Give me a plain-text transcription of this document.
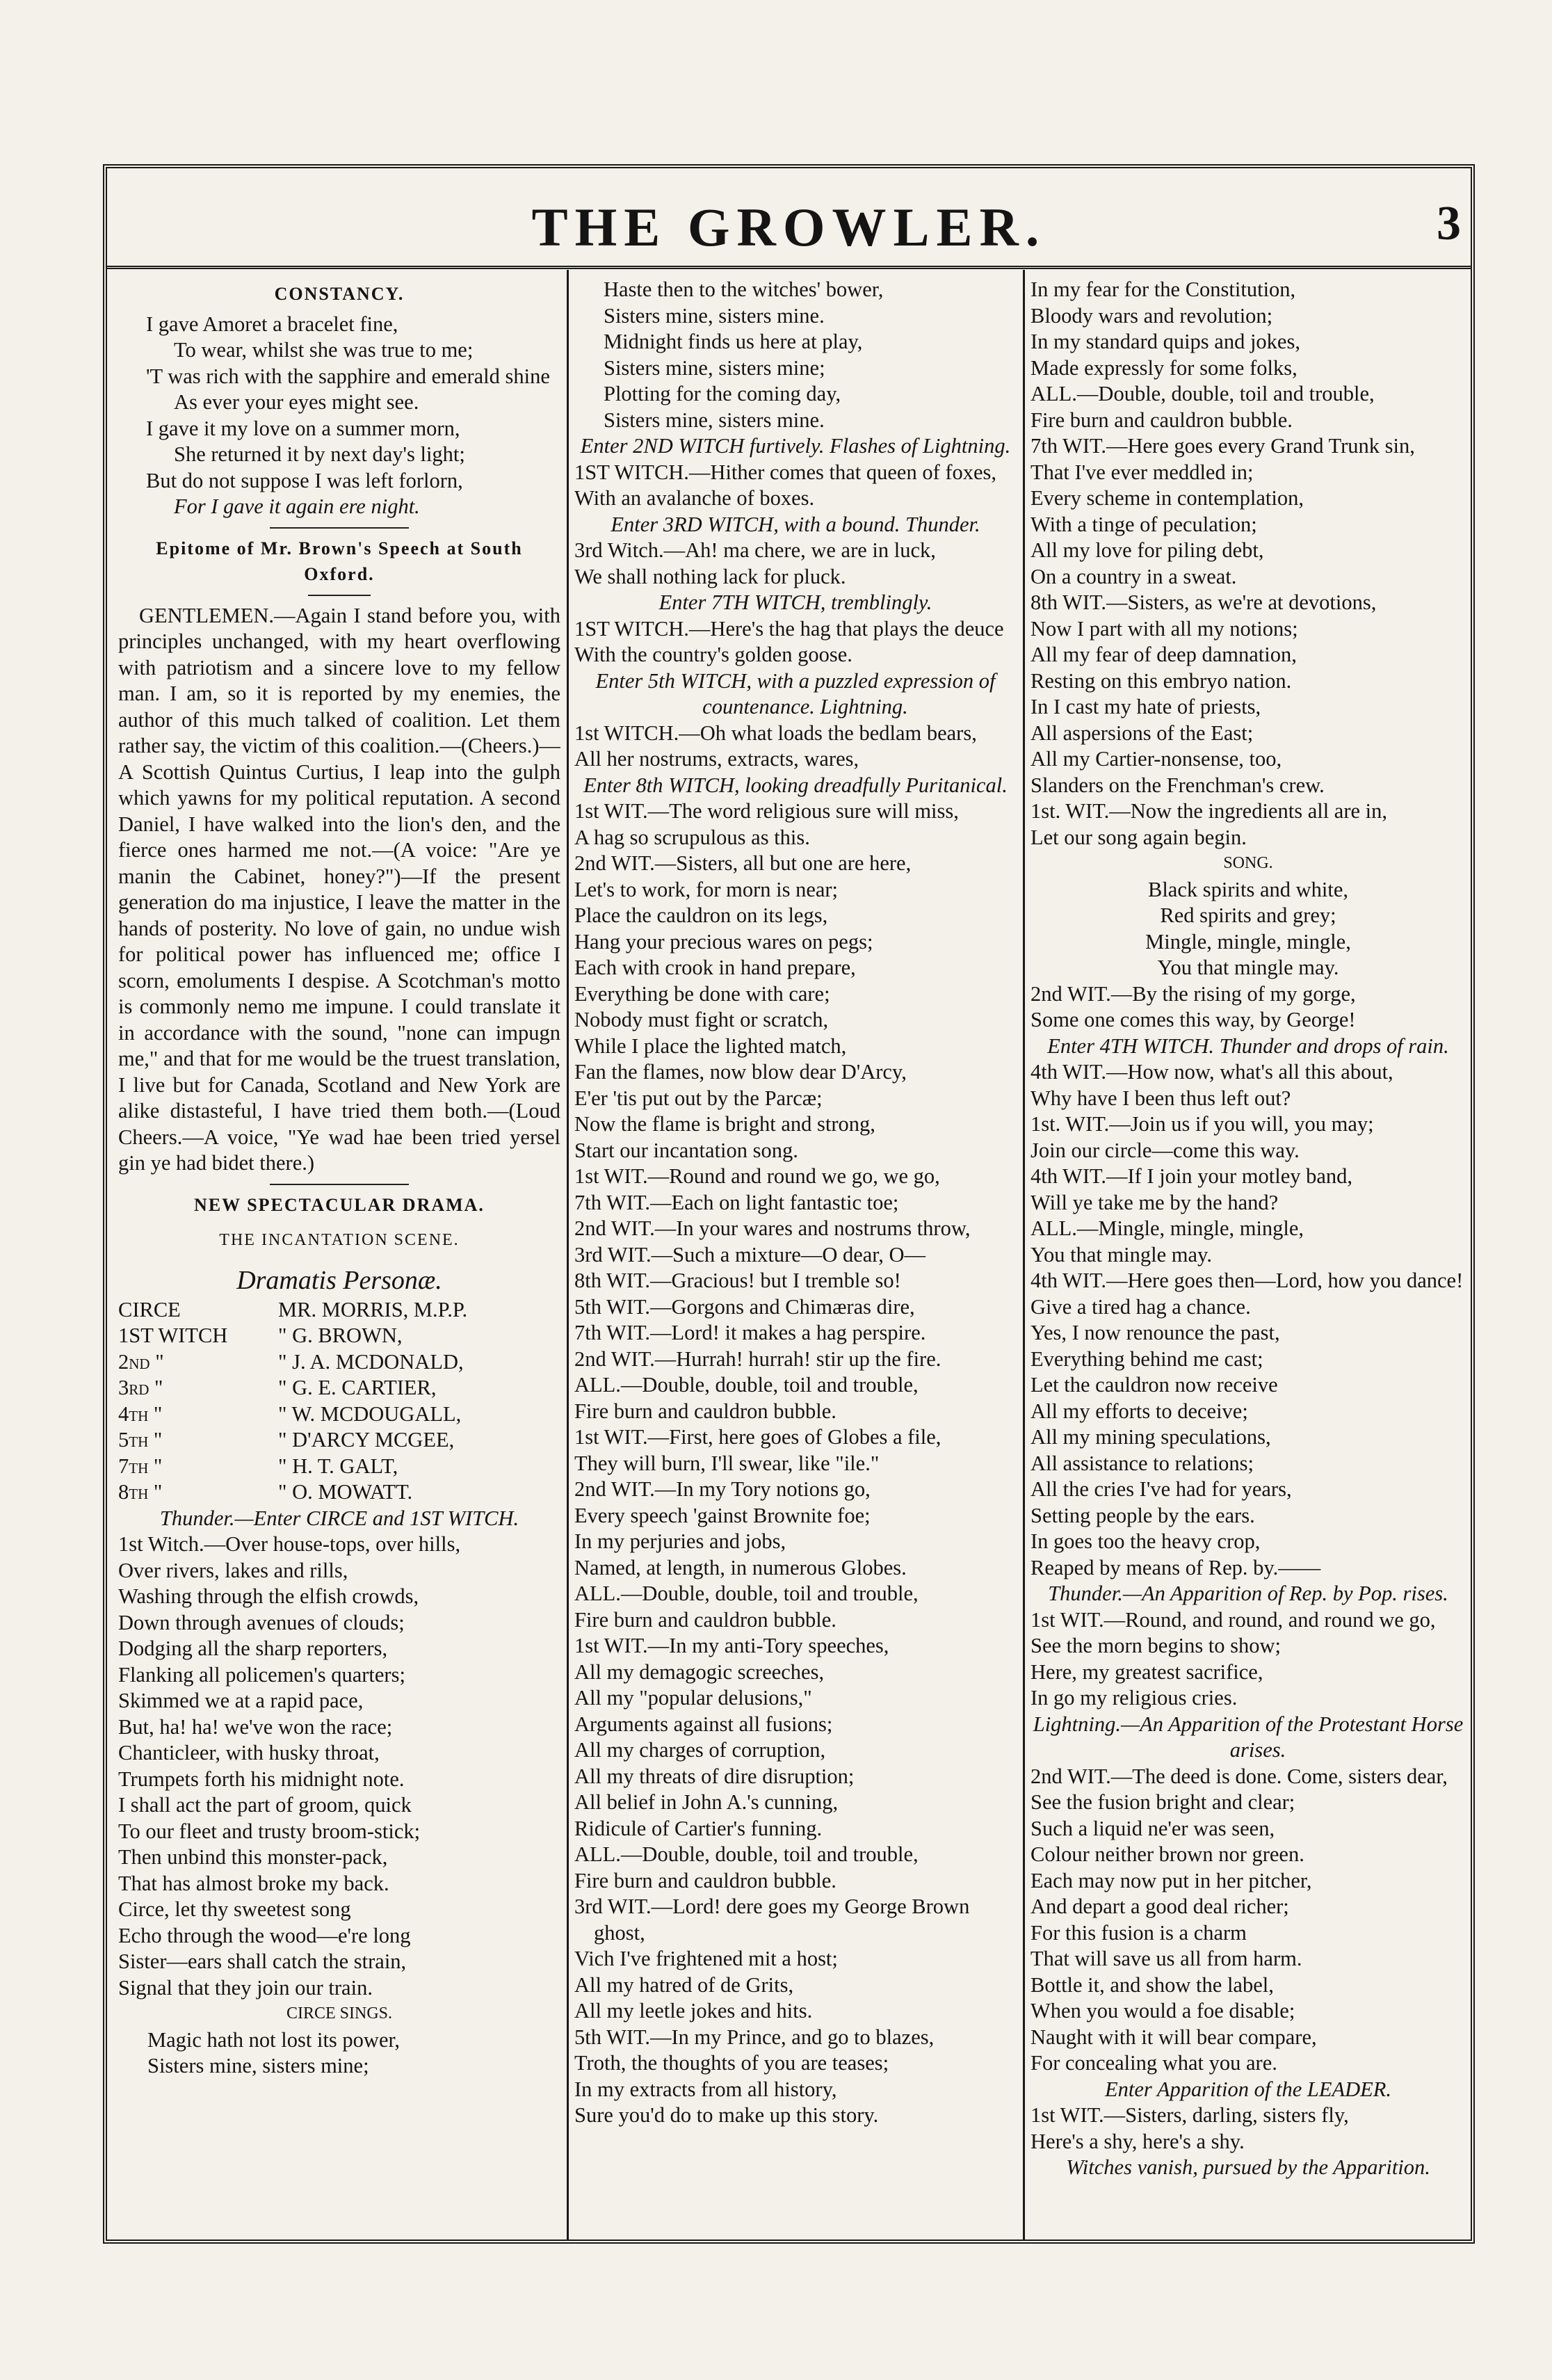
THE GROWLER.	3

CONSTANCY.

I gave Amoret a bracelet fine,

To wear, whilst she was true to me;

'T was rich with the sapphire and emerald shine

As ever your eyes might see.

I gave it my love on a summer morn,

She returned it by next day's light;

But do not suppose I was left forlorn,

For I gave it again ere night.

Epitome of Mr. Brown's Speech at South Oxford.

GENTLEMEN.—Again I stand before you, with principles unchanged, with my heart overflowing with patriotism and a sincere love to my fellow man. I am, so it is reported by my enemies, the author of this much talked of coalition. Let them rather say, the victim of this coalition.—(Cheers.)—A Scottish Quintus Curtius, I leap into the gulph which yawns for my political reputation. A second Daniel, I have walked into the lion's den, and the fierce ones harmed me not.—(A voice: "Are ye manin the Cabinet, honey?")—If the present generation do ma injustice, I leave the matter in the hands of posterity. No love of gain, no undue wish for political power has influenced me; office I scorn, emoluments I despise. A Scotchman's motto is commonly nemo me impune. I could translate it in accordance with the sound, "none can impugn me," and that for me would be the truest translation, I live but for Canada, Scotland and New York are alike distasteful, I have tried them both.—(Loud Cheers.—A voice, "Ye wad hae been tried yersel gin ye had bidet there.)

NEW SPECTACULAR DRAMA.

THE INCANTATION SCENE.

Dramatis Personæ.

CIRCE	MR. MORRIS, M.P.P.

1ST WITCH	" G. BROWN,

2nd "	" J. A. MCDONALD,

3rd "	" G. E. CARTIER,

4th "	" W. MCDOUGALL,

5th "	" D'ARCY MCGEE,

7th "	" H. T. GALT,

8th "	" O. MOWATT.

Thunder.—Enter CIRCE and 1ST WITCH.

1st Witch.—Over house-tops, over hills,

Over rivers, lakes and rills,

Washing through the elfish crowds,

Down through avenues of clouds;

Dodging all the sharp reporters,

Flanking all policemen's quarters;

Skimmed we at a rapid pace,

But, ha! ha! we've won the race;

Chanticleer, with husky throat,

Trumpets forth his midnight note.

I shall act the part of groom, quick

To our fleet and trusty broom-stick;

Then unbind this monster-pack,

That has almost broke my back.

Circe, let thy sweetest song

Echo through the wood—e're long

Sister—ears shall catch the strain,

Signal that they join our train.

CIRCE SINGS.

Magic hath not lost its power,

Sisters mine, sisters mine;

Haste then to the witches' bower,

Sisters mine, sisters mine.

Midnight finds us here at play,

Sisters mine, sisters mine;

Plotting for the coming day,

Sisters mine, sisters mine.

Enter 2ND WITCH furtively. Flashes of Lightning.

1ST WITCH.—Hither comes that queen of foxes,

With an avalanche of boxes.

Enter 3RD WITCH, with a bound. Thunder.

3rd Witch.—Ah! ma chere, we are in luck,

We shall nothing lack for pluck.

Enter 7TH WITCH, tremblingly.

1ST WITCH.—Here's the hag that plays the deuce

With the country's golden goose.

Enter 5th WITCH, with a puzzled expression of countenance. Lightning.

1st WITCH.—Oh what loads the bedlam bears,

All her nostrums, extracts, wares,

Enter 8th WITCH, looking dreadfully Puritanical.

1st WIT.—The word religious sure will miss,

A hag so scrupulous as this.

2nd WIT.—Sisters, all but one are here,

Let's to work, for morn is near;

Place the cauldron on its legs,

Hang your precious wares on pegs;

Each with crook in hand prepare,

Everything be done with care;

Nobody must fight or scratch,

While I place the lighted match,

Fan the flames, now blow dear D'Arcy,

E'er 'tis put out by the Parcæ;

Now the flame is bright and strong,

Start our incantation song.

1st WIT.—Round and round we go, we go,

7th WIT.—Each on light fantastic toe;

2nd WIT.—In your wares and nostrums throw,

3rd WIT.—Such a mixture—O dear, O—

8th WIT.—Gracious! but I tremble so!

5th WIT.—Gorgons and Chimæras dire,

7th WIT.—Lord! it makes a hag perspire.

2nd WIT.—Hurrah! hurrah! stir up the fire.

ALL.—Double, double, toil and trouble,

Fire burn and cauldron bubble.

1st WIT.—First, here goes of Globes a file,

They will burn, I'll swear, like "ile."

2nd WIT.—In my Tory notions go,

Every speech 'gainst Brownite foe;

In my perjuries and jobs,

Named, at length, in numerous Globes.

ALL.—Double, double, toil and trouble,

Fire burn and cauldron bubble.

1st WIT.—In my anti-Tory speeches,

All my demagogic screeches,

All my "popular delusions,"

Arguments against all fusions;

All my charges of corruption,

All my threats of dire disruption;

All belief in John A.'s cunning,

Ridicule of Cartier's funning.

ALL.—Double, double, toil and trouble,

Fire burn and cauldron bubble.

3rd WIT.—Lord! dere goes my George Brown ghost,

Vich I've frightened mit a host;

All my hatred of de Grits,

All my leetle jokes and hits.

5th WIT.—In my Prince, and go to blazes,

Troth, the thoughts of you are teases;

In my extracts from all history,

Sure you'd do to make up this story.

In my fear for the Constitution,

Bloody wars and revolution;

In my standard quips and jokes,

Made expressly for some folks,

ALL.—Double, double, toil and trouble,

Fire burn and cauldron bubble.

7th WIT.—Here goes every Grand Trunk sin,

That I've ever meddled in;

Every scheme in contemplation,

With a tinge of peculation;

All my love for piling debt,

On a country in a sweat.

8th WIT.—Sisters, as we're at devotions,

Now I part with all my notions;

All my fear of deep damnation,

Resting on this embryo nation.

In I cast my hate of priests,

All aspersions of the East;

All my Cartier-nonsense, too,

Slanders on the Frenchman's crew.

1st. WIT.—Now the ingredients all are in,

Let our song again begin.

SONG.

Black spirits and white,

Red spirits and grey;

Mingle, mingle, mingle,

You that mingle may.

2nd WIT.—By the rising of my gorge,

Some one comes this way, by George!

Enter 4TH WITCH. Thunder and drops of rain.

4th WIT.—How now, what's all this about,

Why have I been thus left out?

1st. WIT.—Join us if you will, you may;

Join our circle—come this way.

4th WIT.—If I join your motley band,

Will ye take me by the hand?

ALL.—Mingle, mingle, mingle,

You that mingle may.

4th WIT.—Here goes then—Lord, how you dance!

Give a tired hag a chance.

Yes, I now renounce the past,

Everything behind me cast;

Let the cauldron now receive

All my efforts to deceive;

All my mining speculations,

All assistance to relations;

All the cries I've had for years,

Setting people by the ears.

In goes too the heavy crop,

Reaped by means of Rep. by.——

Thunder.—An Apparition of Rep. by Pop. rises.

1st WIT.—Round, and round, and round we go,

See the morn begins to show;

Here, my greatest sacrifice,

In go my religious cries.

Lightning.—An Apparition of the Protestant Horse arises.

2nd WIT.—The deed is done. Come, sisters dear,

See the fusion bright and clear;

Such a liquid ne'er was seen,

Colour neither brown nor green.

Each may now put in her pitcher,

And depart a good deal richer;

For this fusion is a charm

That will save us all from harm.

Bottle it, and show the label,

When you would a foe disable;

Naught with it will bear compare,

For concealing what you are.

Enter Apparition of the LEADER.

1st WIT.—Sisters, darling, sisters fly,

Here's a shy, here's a shy.

Witches vanish, pursued by the Apparition.
